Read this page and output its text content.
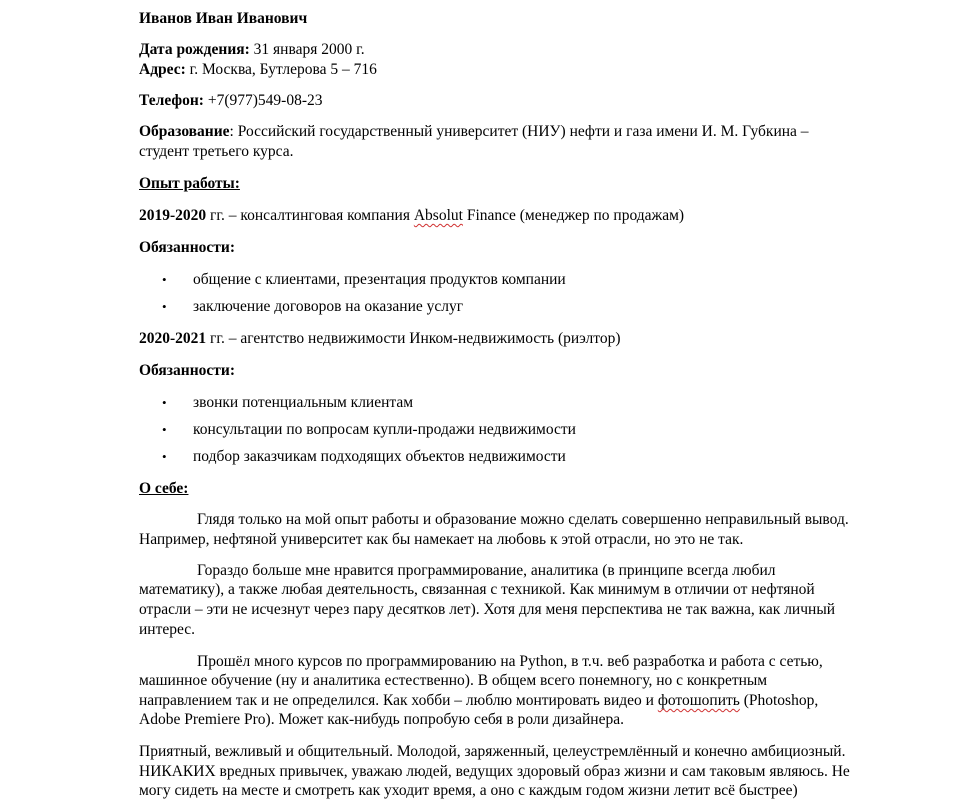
Иванов Иван Иванович
Дата рождения: 31 января 2000 г.
Адрес: г. Москва, Бутлерова 5 – 716
Телефон: +7(977)549-08-23
Образование: Российский государственный университет (НИУ) нефти и газа имени И. М. Губкина –
студент третьего курса.
Опыт работы:
2019-2020 гг. – консалтинговая компания Absolut Finance (менеджер по продажам)
Обязанности:
• общение с клиентами, презентация продуктов компании
• заключение договоров на оказание услуг
2020-2021 гг. – агентство недвижимости Инком-недвижимость (риэлтор)
Обязанности:
• звонки потенциальным клиентам
• консультации по вопросам купли-продажи недвижимости
• подбор заказчикам подходящих объектов недвижимости
О себе:
Глядя только на мой опыт работы и образование можно сделать совершенно неправильный вывод.
Например, нефтяной университет как бы намекает на любовь к этой отрасли, но это не так.
Гораздо больше мне нравится программирование, аналитика (в принципе всегда любил
математику), а также любая деятельность, связанная с техникой. Как минимум в отличии от нефтяной
отрасли – эти не исчезнут через пару десятков лет). Хотя для меня перспектива не так важна, как личный
интерес.
Прошёл много курсов по программированию на Python, в т.ч. веб разработка и работа с сетью,
машинное обучение (ну и аналитика естественно). В общем всего понемногу, но с конкретным
направлением так и не определился. Как хобби – люблю монтировать видео и фотошопить (Photoshop,
Adobe Premiere Pro). Может как-нибудь попробую себя в роли дизайнера.
Приятный, вежливый и общительный. Молодой, заряженный, целеустремлённый и конечно амбициозный.
НИКАКИХ вредных привычек, уважаю людей, ведущих здоровый образ жизни и сам таковым являюсь. Не
могу сидеть на месте и смотреть как уходит время, а оно с каждым годом жизни летит всё быстрее)
